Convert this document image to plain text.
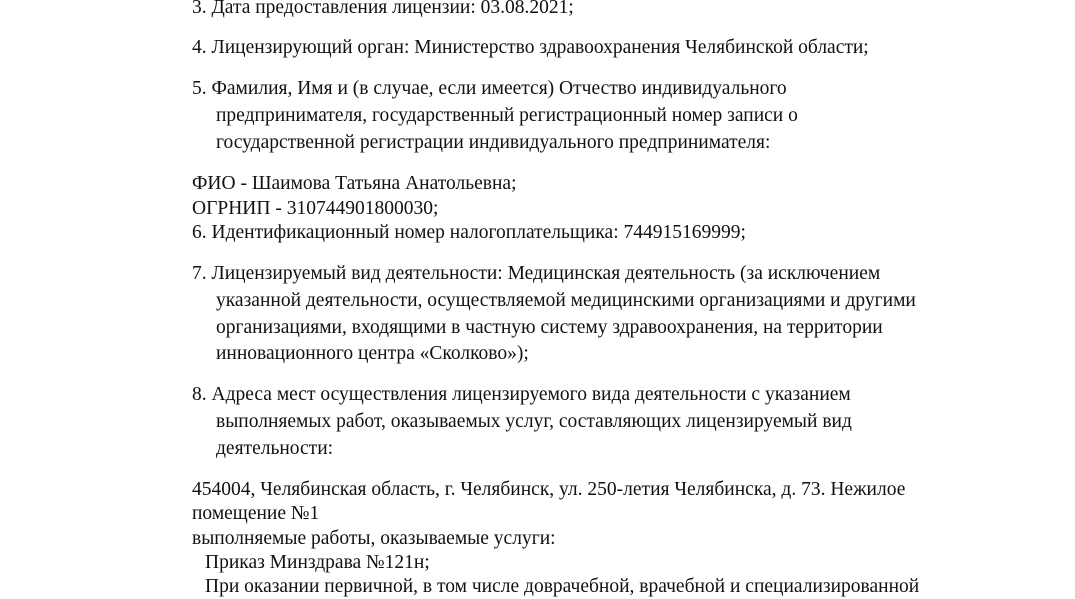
3. Дата предоставления лицензии: 03.08.2021;
4. Лицензирующий орган: Министерство здравоохранения Челябинской области;
5. Фамилия, Имя и (в случае, если имеется) Отчество индивидуального
предпринимателя, государственный регистрационный номер записи о
государственной регистрации индивидуального предпринимателя:
ФИО - Шаимова Татьяна Анатольевна;
ОГРНИП - 310744901800030;
6. Идентификационный номер налогоплательщика: 744915169999;
7. Лицензируемый вид деятельности: Медицинская деятельность (за исключением
указанной деятельности, осуществляемой медицинскими организациями и другими
организациями, входящими в частную систему здравоохранения, на территории
инновационного центра «Сколково»);
8. Адреса мест осуществления лицензируемого вида деятельности с указанием
выполняемых работ, оказываемых услуг, составляющих лицензируемый вид
деятельности:
454004, Челябинская область, г. Челябинск, ул. 250-летия Челябинска, д. 73. Нежилое
помещение №1
выполняемые работы, оказываемые услуги:
Приказ Минздрава №121н;
При оказании первичной, в том числе доврачебной, врачебной и специализированной
